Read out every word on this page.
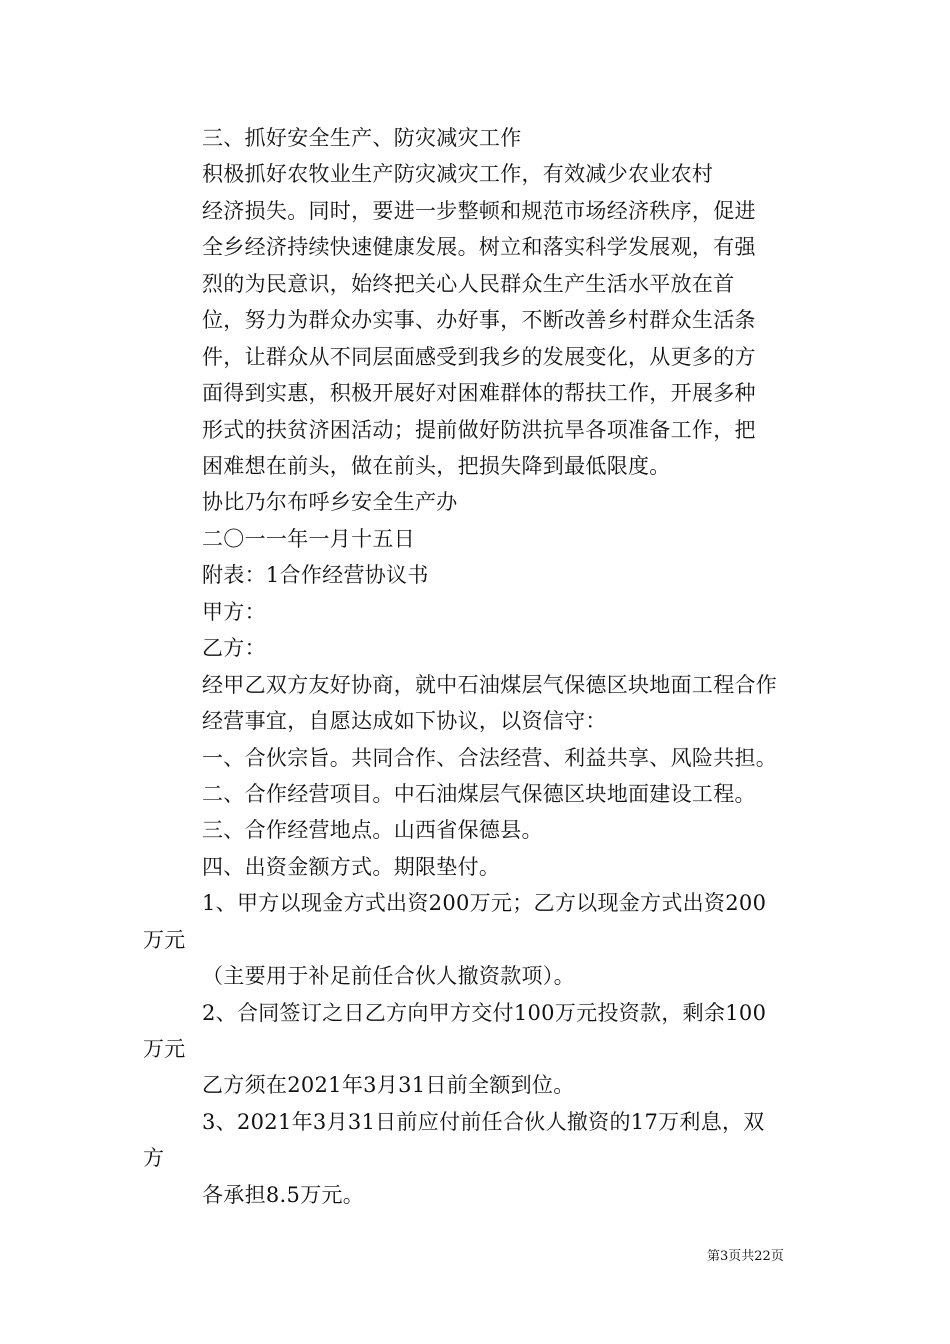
三、抓好安全生产、防灾减灾工作
积极抓好农牧业生产防灾减灾工作，有效减少农业农村
经济损失。同时，要进一步整顿和规范市场经济秩序，促进
全乡经济持续快速健康发展。树立和落实科学发展观，有强
烈的为民意识，始终把关心人民群众生产生活水平放在首
位，努力为群众办实事、办好事，不断改善乡村群众生活条
件，让群众从不同层面感受到我乡的发展变化，从更多的方
面得到实惠，积极开展好对困难群体的帮扶工作，开展多种
形式的扶贫济困活动；提前做好防洪抗旱各项准备工作，把
困难想在前头，做在前头，把损失降到最低限度。
协比乃尔布呼乡安全生产办
二〇一一年一月十五日
附表：1合作经营协议书
甲方：
乙方：
经甲乙双方友好协商，就中石油煤层气保德区块地面工程合作
经营事宜，自愿达成如下协议，以资信守：
一、合伙宗旨。共同合作、合法经营、利益共享、风险共担。
二、合作经营项目。中石油煤层气保德区块地面建设工程。
三、合作经营地点。山西省保德县。
四、出资金额方式。期限垫付。
1、甲方以现金方式出资200万元；乙方以现金方式出资200
万元
（主要用于补足前任合伙人撤资款项）。
2、合同签订之日乙方向甲方交付100万元投资款，剩余100
万元
乙方须在2021年3月31日前全额到位。
3、2021年3月31日前应付前任合伙人撤资的17万利息，双
方
各承担8.5万元。
第3页共22页
